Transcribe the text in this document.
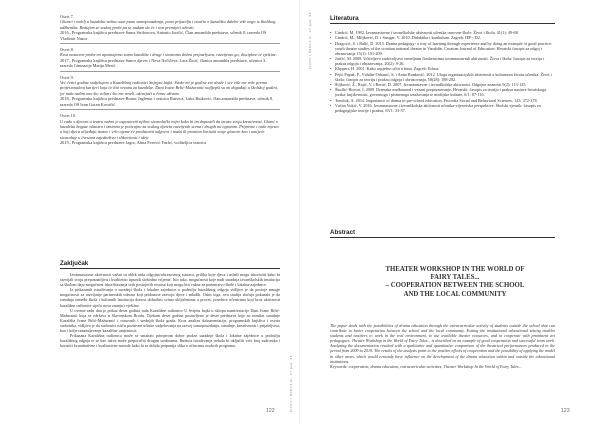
Osvrt 7.
Glumci i redelj u kazalištu stekao sam puno samopouzdanja, puno prijatelja i naučio o kazalištu dalebo više nego iz školskog udžbenika. Redujem se svakoj probi pa se nadam da će i ova premijeri uživati.
2016., Programska knjižica predstave Šuma Striborova, Antonio Juričić, Član ansambla predstave, učenik 8. razreda OŠ Vladimir Nazor
Osvrt 8.
Kroz nastavne probe mi upoznajemo samo kazalište i drugi i stvaramo dobru prijateljstva, razvijemo ga, discipline te vještine.
2017., Programska knjižica predstave Sunce djever i Neva Nečičeva: Lara Žinić, članica ansambla predstave, učenica 3. razreda Gimnazije Matija Mesić
Osvrt 9.
Već četiri godine sudjelujem u Kazališnoj radionici Snjegra bajki. Svake mi je godine sve draže i sve više me veže prema profesionalnoj karijeri koja će biti vezana za kazalište. Dani Ivane Brlić-Mažuranić najljepši su mi događaji u školskoj godini, jer tada radim ono što volim i što me veseli, uživajući u čemu uživam.
2018., Programska knjižica predstave Bratac Jaglenac i sestrica Rutvica, Luka Butković, član ansambla predstave, učenik 8. razreda OŠ Ivan Goran Kovačić
Osvrt 10.
U radu s djecom u teatru važno je uspostaviti njihov stvaralački tvijet kako bi im dopustili da izraze svoju kreativnost. Glumi u kazalištu bogate iskustvo i iznimno je poticajno za svakog djeteta razvijenih scena i drugih na ogranim. Pripreme i naše mjesto u koji djeca ulijeđuju izazov i vrlo ujeme će predstaviti odgovor i mašti ih prasitno koristiti svoje glasove kao i umijeće stvaraluje u čvrstom zajedništvu i slikovitosti i ideji.
2019., Programska knjižica predstave Jagor, Alma Ferović Fazlić, voditeljica teatrica
Zaključak

Izvannastavne aktivnosti važan su oblik rada odgojno-obrazovnog sustava, prilika koje djeca i mladi mogu iskoristiti kako bi razvijali svoju prepoznatljivu i kvalitetno ispunili slobodno vrijeme. Isto tako, mogućnosti koje nudi suradnja izvanškolskih institucija sa školom daju mogućnost iskorištavanja svih postojećih resursa koji mogu biti važna za partnerstvo škole i lokalne zajednice.

Iz prikazanih istraživanja o suradnji škola i lokalne zajednice u području kazališnog odgoja vidljivo je da postoje mnoge mogućnosti za razvijanje partnerskih odnosa koji pridonose razvoju djece i mladih. Osim toga, ova studija slučaja pokazala je da suradnja između škola i kulturnih institucija donosi dobrobiti svima uključenima u proces, posebice učenicima koji kroz aktivnosti kazališne radionice stječu nova znanja i vještine.

U ovome radu dan je prikaz deset godina rada Kazališne radionice U Svijetu bajki u sklopu manifestacije Dani Ivane Brlić-Mažuranić koja se održava u Slavonskom Brodu. Tijekom deset godina postavljeno je deset predstava koje su rezultat suradnje Kazališta Ivane Brlić-Mažuranić i osnovnih i srednjih škola grada. Kroz analizu dokumentacije, programskih knjižica i osvrta sudionika, vidljivo je da sudionici ističu pozitivne učinke sudjelovanja na razvoj samopouzdanja, suradnje, kreativnosti i prijateljstva, kao i bolje razumijevanje kazališne umjetnosti.

Prikazana Kazališna radionica može se smatrati primjerom dobre prakse suradnje škola i lokalne zajednice u području kazališnog odgoja te se kao takva može preporučiti drugim sredinama. Buduća istraživanja trebala bi uključiti veći broj sudionika i koristiti kvantitativne i kvalitativne metode kako bi se dobila potpunija slika o učincima ovakvih programa.

ŽIVOT I ŠKOLA br. 37 god. 68
122
ŽIVOT I ŠKOLA br. 37 god. 68
123
Literatura
• Cindrić, M. 1992. Izvannastavne i izvanškolske aktivnosti učenika osnovne škole. Život i škola, 41(1): 49-68.
• Cindrić, M., Miljković, D. i Strugar, V. 2010. Didaktika i kurikulum. Zagreb: IEP - D2.
• Dragović, S. i Balić, D. 2013. Drama pedagogy- a way of learning through experience and by doing an example of good practice: youth theatre studies of the croatian national theatre in Varaždin. Croatian Journal of Education: Hrvatski časopis za odgoj i obrazovanje 15(1): 191-209.
• Jurčić, M. 2008. Učiteljevo zadovoljstvo temeljnim čimbenicima izvannastavnih aktivnosti. Život i škola: časopis za teoriju i praksu odgoja i obrazovanja, 20(2): 9-26.
• Klippert, H. 2001. Kako uspješno učiti u timu. Zagreb: Educa.
• Pejić Papak, P., Vidulin-Orbanić, S. i Anita Ronković. 2012. Uloga organizacijskih aktivnosti u kulturnom životu učenika. Život i škola: časopis za teoriju i praksu odgoja i obrazovanja, 58(28): 188-202.
• Šiljković, Ž., Rajić, V. i Bertić, D. 2007. Izvannastavne i izvanškolske aktivnosti. Odgojne znanosti 9(2): 113-145.
• Škuflić-Horvat, I. 2009. Dramska međunarod i vezani prepoznavanje. Hrvatski: časopis za teoriju i praksu nastave hrvatskoga jezika, književnosti, govornoga i pismenoga izražavanja te medijske kulture, 6/1: 87-116.
• Tomčuk, A. 2014. Importance of drama in pre-school education. Procedia Social and Behavioral Sciences, 143: 372-378.
• Vučan Vukić, V. 2016. Izvannastavne i izvanškolske aktivnosti učenika-vijestrivka perspektive. Školski vjesnik: časopis za pedagogijske teorije i praksu, 65/1: 33-57.
Abstract
THEATER WORKSHOP IN THE WORLD OF
FAIRY TALES...
– COOPERATION BETWEEN THE SCHOOL
AND THE LOCAL COMMUNITY

The paper deals with the possibilities of drama education through the extracurricular activity of students outside the school that can contribute to better cooperation between the school and the local community. Exiting the institutional educational setting enables students and teachers to work in the real environment, to use available theater resources, and to cooperate with prominent art pedagogues. Theater Workshop in the World of Fairy Tales... is described as an example of good cooperation and successful team work. Analyzing the documentation resulted with a qualitative and quantitative comparison of the theatrical performances produced in the period from 2009 to 2019. The results of the analysis point to the positive effects of cooperation and the possibility of applying the model in other areas, which would certainly have influence on the development of the drama education within and outside the educational institutions.
Keywords: cooperation, drama education, extracurricular activities, Theater Workshop In the World of Fairy Tales...
